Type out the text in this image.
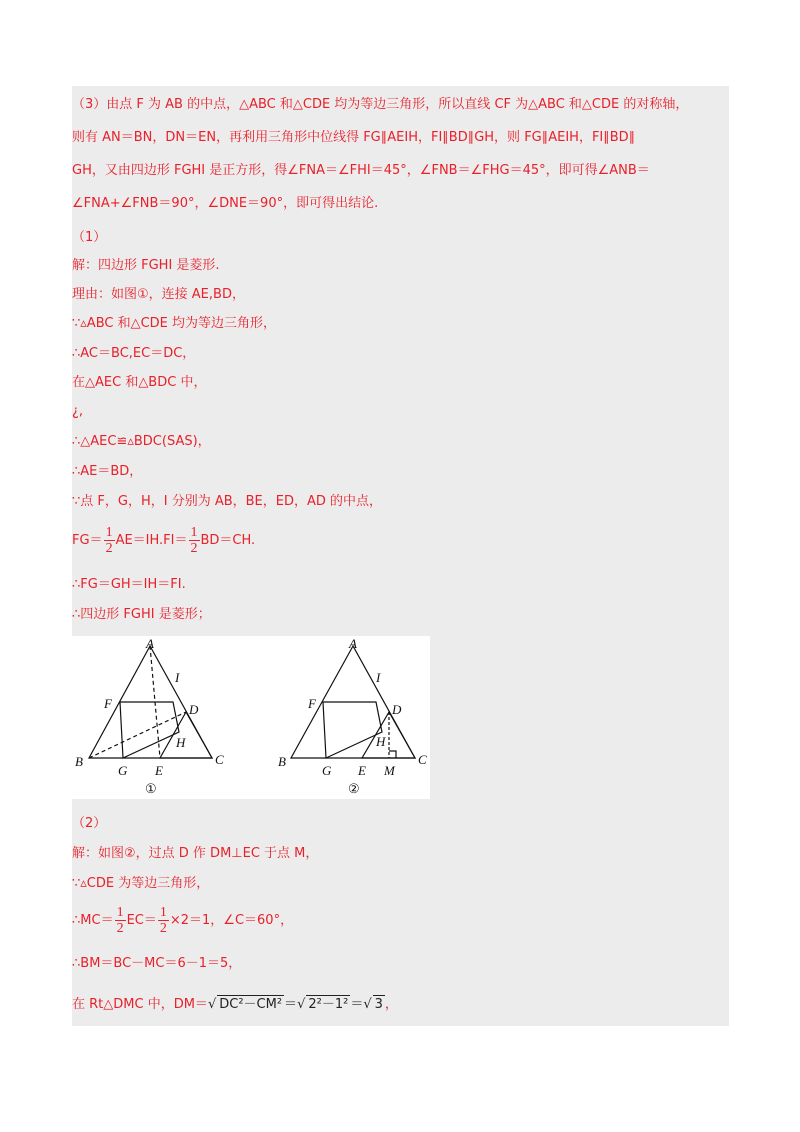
（3）由点 F 为 AB 的中点，△ABC 和△CDE 均为等边三角形，所以直线 CF 为△ABC 和△CDE 的对称轴，
则有 AN＝BN，DN＝EN，再利用三角形中位线得 FG∥AEIH，FI∥BD∥GH，则 FG∥AEIH，FI∥BD∥
GH，又由四边形 FGHI 是正方形，得∠FNA＝∠FHI＝45°，∠FNB＝∠FHG＝45°，即可得∠ANB＝
∠FNA+∠FNB＝90°，∠DNE＝90°，即可得出结论.
（1）
解：四边形 FGHI 是菱形.
理由：如图①，连接 AE,BD，
∵▵ABC 和△CDE 均为等边三角形，
∴AC＝BC,EC＝DC，
在△AEC 和△BDC 中，
¿,
∴△AEC≌▵BDC(SAS)，
∴AE＝BD，
∵点 F，G，H，I 分别为 AB，BE，ED，AD 的中点，
$FG= \frac{1}{2} AE=IH.FI= \frac{1}{2} BD=CH$.
∴FG＝GH＝IH＝FI.
∴四边形 FGHI 是菱形；
A
I
F	D
H
B	C
G E
①
A
I
F	D
H
B	C
G E M
②
（2）
解：如图②，过点 D 作 DM⊥EC 于点 M，
∵▵CDE 为等边三角形，
∴MC＝ $\frac{1}{2} EC= \frac{1}{2} \times 2=1$，∠C＝60°，
∴BM＝BC－MC＝6－1＝5，
在 Rt△DMC 中，DM＝√ DC²－CM² ＝√ 2²－1² ＝√ 3 ，
